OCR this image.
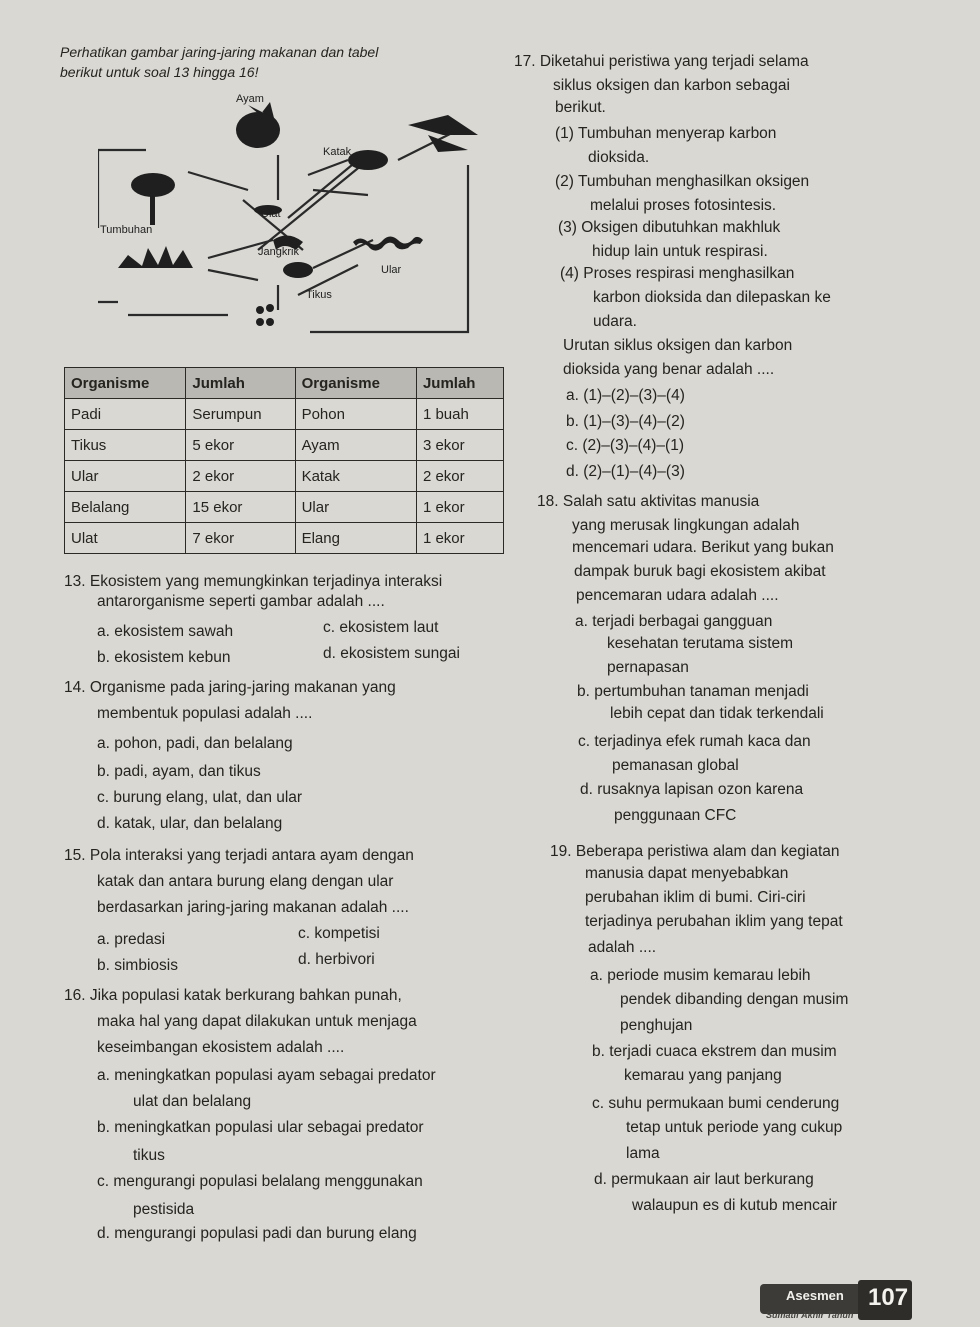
Perhatikan gambar jaring-jaring makanan dan tabel
berikut untuk soal 13 hingga 16!
Ayam
Katak
Ulat
Tumbuhan
Jangkrik
Ular
Tikus
Organisme	Jumlah	Organisme	Jumlah
Padi	Serumpun	Pohon	1 buah
Tikus	5 ekor	Ayam	3 ekor
Ular	2 ekor	Katak	2 ekor
Belalang	15 ekor	Ular	1 ekor
Ulat	7 ekor	Elang	1 ekor
13. Ekosistem yang memungkinkan terjadinya interaksi
antarorganisme seperti gambar adalah ....
a. ekosistem sawah
b. ekosistem kebun
c. ekosistem laut
d. ekosistem sungai
14. Organisme pada jaring-jaring makanan yang
membentuk populasi adalah ....
a. pohon, padi, dan belalang
b. padi, ayam, dan tikus
c. burung elang, ulat, dan ular
d. katak, ular, dan belalang
15. Pola interaksi yang terjadi antara ayam dengan
katak dan antara burung elang dengan ular
berdasarkan jaring-jaring makanan adalah ....
a. predasi
b. simbiosis
c. kompetisi
d. herbivori
16. Jika populasi katak berkurang bahkan punah,
maka hal yang dapat dilakukan untuk menjaga
keseimbangan ekosistem adalah ....
a. meningkatkan populasi ayam sebagai predator
ulat dan belalang
b. meningkatkan populasi ular sebagai predator
tikus
c. mengurangi populasi belalang menggunakan
pestisida
d. mengurangi populasi padi dan burung elang
17. Diketahui peristiwa yang terjadi selama
siklus oksigen dan karbon sebagai
berikut.
(1) Tumbuhan menyerap karbon
dioksida.
(2) Tumbuhan menghasilkan oksigen
melalui proses fotosintesis.
(3) Oksigen dibutuhkan makhluk
hidup lain untuk respirasi.
(4) Proses respirasi menghasilkan
karbon dioksida dan dilepaskan ke
udara.
Urutan siklus oksigen dan karbon
dioksida yang benar adalah ....
a. (1)–(2)–(3)–(4)
b. (1)–(3)–(4)–(2)
c. (2)–(3)–(4)–(1)
d. (2)–(1)–(4)–(3)
18. Salah satu aktivitas manusia
yang merusak lingkungan adalah
mencemari udara. Berikut yang bukan
dampak buruk bagi ekosistem akibat
pencemaran udara adalah ....
a. terjadi berbagai gangguan
kesehatan terutama sistem
pernapasan
b. pertumbuhan tanaman menjadi
lebih cepat dan tidak terkendali
c. terjadinya efek rumah kaca dan
pemanasan global
d. rusaknya lapisan ozon karena
penggunaan CFC
19. Beberapa peristiwa alam dan kegiatan
manusia dapat menyebabkan
perubahan iklim di bumi. Ciri-ciri
terjadinya perubahan iklim yang tepat
adalah ....
a. periode musim kemarau lebih
pendek dibanding dengan musim
penghujan
b. terjadi cuaca ekstrem dan musim
kemarau yang panjang
c. suhu permukaan bumi cenderung
tetap untuk periode yang cukup
lama
d. permukaan air laut berkurang
walaupun es di kutub mencair
Asesmen
Sumatif Akhir Tahun
107
